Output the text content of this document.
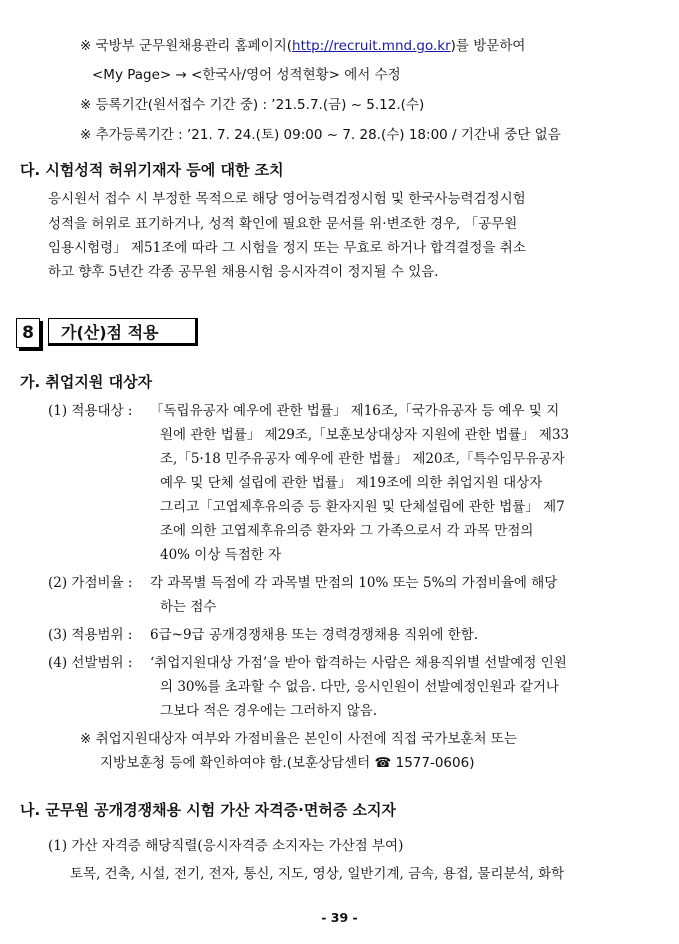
※ 국방부 군무원채용관리 홈페이지(http://recruit.mnd.go.kr)를 방문하여
<My Page> → <한국사/영어 성적현황> 에서 수정
※ 등록기간(원서접수 기간 중) : ’21.5.7.(금) ~ 5.12.(수)
※ 추가등록기간 : ’21. 7. 24.(토) 09:00 ~ 7. 28.(수) 18:00 / 기간내 중단 없음
다. 시험성적 허위기재자 등에 대한 조치
응시원서 접수 시 부정한 목적으로 해당 영어능력검정시험 및 한국사능력검정시험
성적을 허위로 표기하거나, 성적 확인에 필요한 문서를 위·변조한 경우, 「공무원
임용시험령」 제51조에 따라 그 시험을 정지 또는 무효로 하거나 합격결정을 취소
하고 향후 5년간 각종 공무원 채용시험 응시자격이 정지될 수 있음.
8	가(산)점 적용
가. 취업지원 대상자
(1) 적용대상 : 「독립유공자 예우에 관한 법률」 제16조,「국가유공자 등 예우 및 지
원에 관한 법률」 제29조,「보훈보상대상자 지원에 관한 법률」 제33
조,「5·18 민주유공자 예우에 관한 법률」 제20조,「특수임무유공자
예우 및 단체 설립에 관한 법률」 제19조에 의한 취업지원 대상자
그리고「고엽제후유의증 등 환자지원 및 단체설립에 관한 법률」 제7
조에 의한 고엽제후유의증 환자와 그 가족으로서 각 과목 만점의
40% 이상 득점한 자
(2) 가점비율 : 각 과목별 득점에 각 과목별 만점의 10% 또는 5%의 가점비율에 해당
하는 점수
(3) 적용범위 : 6급~9급 공개경쟁채용 또는 경력경쟁채용 직위에 한함.
(4) 선발범위 : ‘취업지원대상 가점’을 받아 합격하는 사람은 채용직위별 선발예정 인원
의 30%를 초과할 수 없음. 다만, 응시인원이 선발예정인원과 같거나
그보다 적은 경우에는 그러하지 않음.
※ 취업지원대상자 여부와 가점비율은 본인이 사전에 직접 국가보훈처 또는
지방보훈청 등에 확인하여야 함.(보훈상담센터 ☎ 1577-0606)
나. 군무원 공개경쟁채용 시험 가산 자격증·면허증 소지자
(1) 가산 자격증 해당직렬(응시자격증 소지자는 가산점 부여)
토목, 건축, 시설, 전기, 전자, 통신, 지도, 영상, 일반기계, 금속, 용접, 물리분석, 화학
- 39 -
